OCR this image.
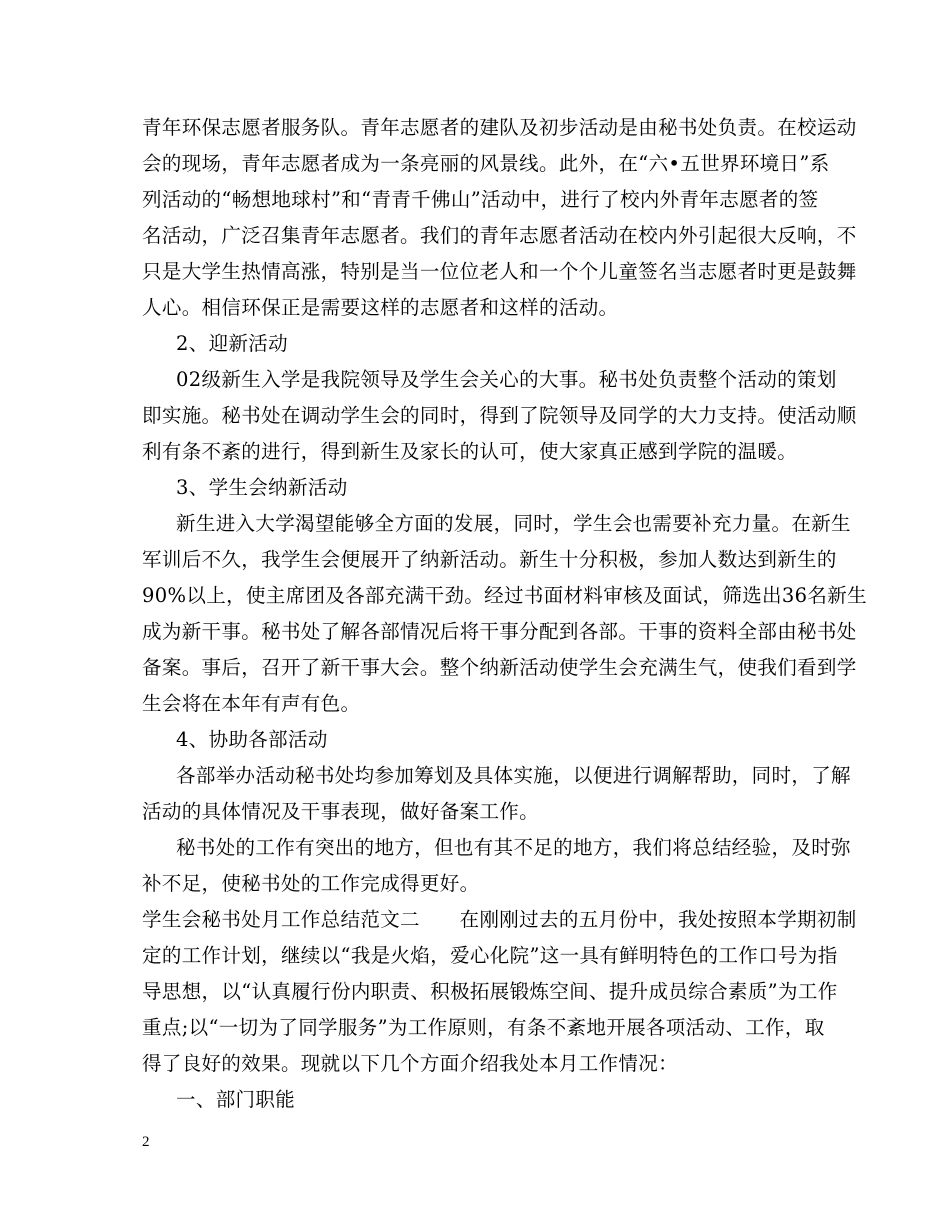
青年环保志愿者服务队。青年志愿者的建队及初步活动是由秘书处负责。在校运动
会的现场，青年志愿者成为一条亮丽的风景线。此外，在“六•五世界环境日”系
列活动的“畅想地球村”和“青青千佛山”活动中，进行了校内外青年志愿者的签
名活动，广泛召集青年志愿者。我们的青年志愿者活动在校内外引起很大反响，不
只是大学生热情高涨，特别是当一位位老人和一个个儿童签名当志愿者时更是鼓舞
人心。相信环保正是需要这样的志愿者和这样的活动。
2、迎新活动
02级新生入学是我院领导及学生会关心的大事。秘书处负责整个活动的策划
即实施。秘书处在调动学生会的同时，得到了院领导及同学的大力支持。使活动顺
利有条不紊的进行，得到新生及家长的认可，使大家真正感到学院的温暖。
3、学生会纳新活动
新生进入大学渴望能够全方面的发展，同时，学生会也需要补充力量。在新生
军训后不久，我学生会便展开了纳新活动。新生十分积极，参加人数达到新生的
90%以上，使主席团及各部充满干劲。经过书面材料审核及面试，筛选出36名新生
成为新干事。秘书处了解各部情况后将干事分配到各部。干事的资料全部由秘书处
备案。事后，召开了新干事大会。整个纳新活动使学生会充满生气，使我们看到学
生会将在本年有声有色。
4、协助各部活动
各部举办活动秘书处均参加筹划及具体实施，以便进行调解帮助，同时，了解
活动的具体情况及干事表现，做好备案工作。
秘书处的工作有突出的地方，但也有其不足的地方，我们将总结经验，及时弥
补不足，使秘书处的工作完成得更好。
学生会秘书处月工作总结范文二　　在刚刚过去的五月份中，我处按照本学期初制
定的工作计划，继续以“我是火焰，爱心化院”这一具有鲜明特色的工作口号为指
导思想，以“认真履行份内职责、积极拓展锻炼空间、提升成员综合素质”为工作
重点;以“一切为了同学服务”为工作原则，有条不紊地开展各项活动、工作，取
得了良好的效果。现就以下几个方面介绍我处本月工作情况：
一、部门职能
2
